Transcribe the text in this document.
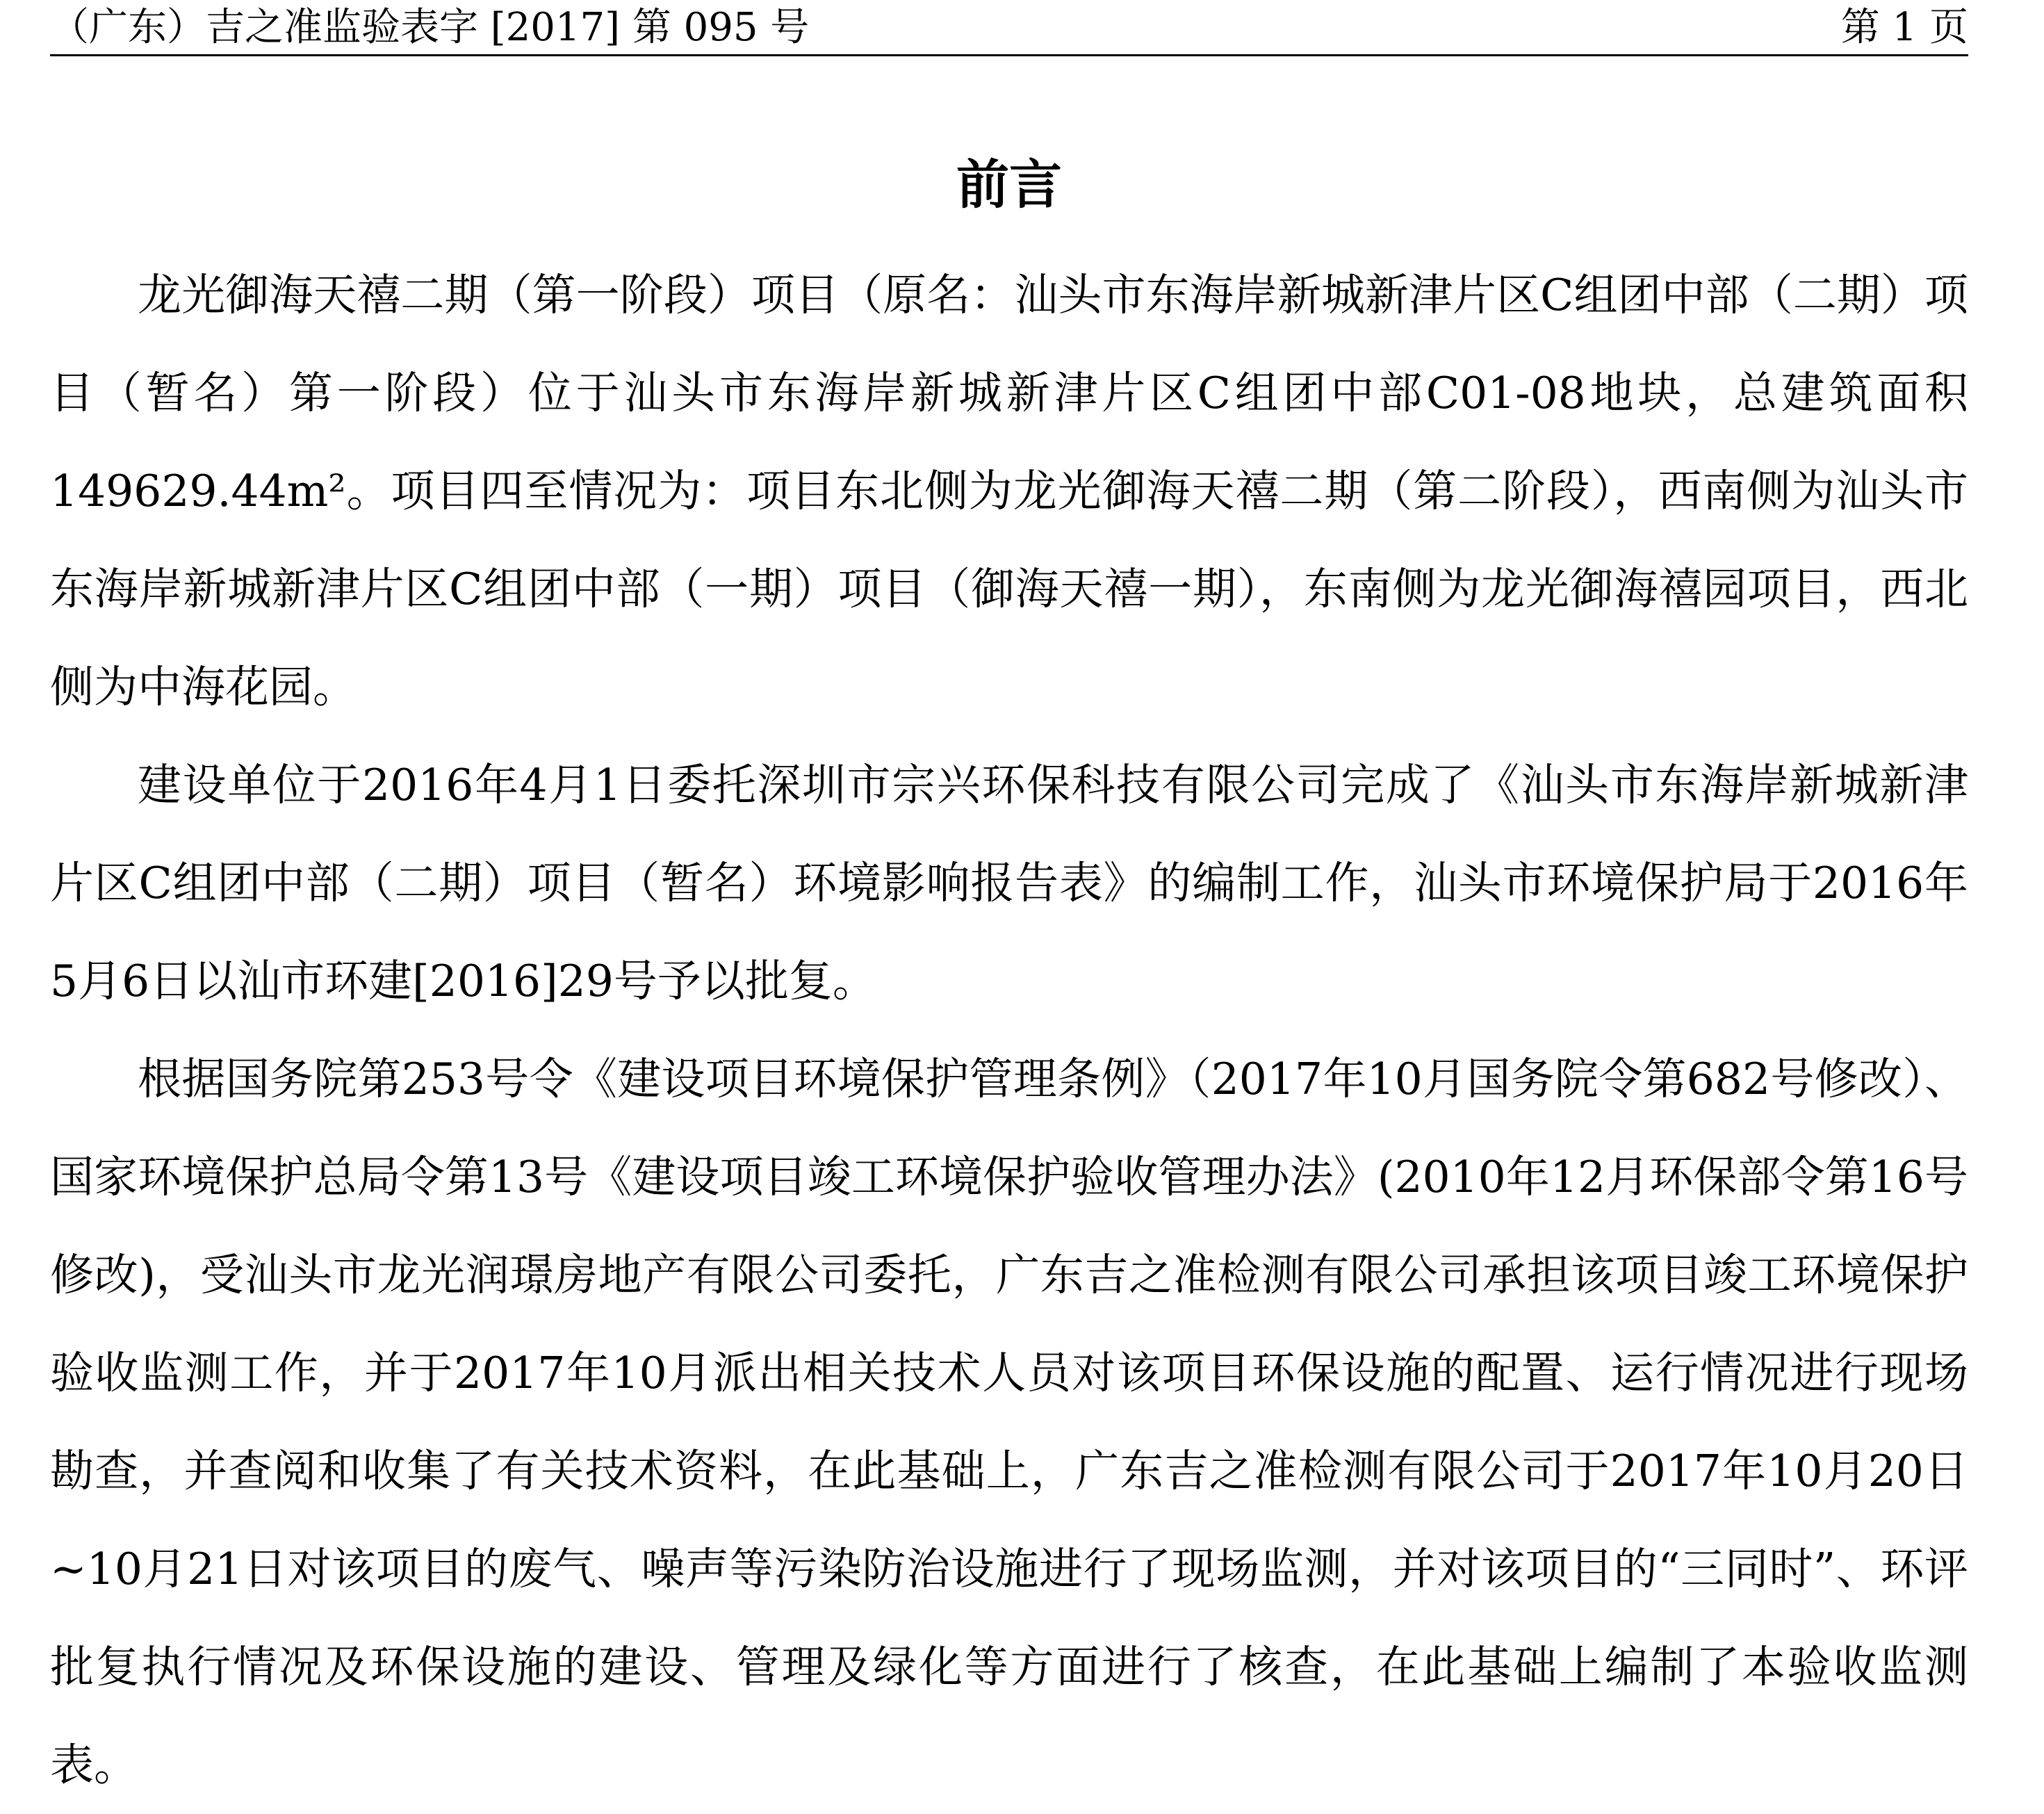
（广东）吉之准监验表字 [2017] 第 095 号	第 1 页
前言

龙光御海天禧二期（第一阶段）项目（原名：汕头市东海岸新城新津片区C组团中部（二期）项目（暂名）第一阶段）位于汕头市东海岸新城新津片区C组团中部C01-08地块，总建筑面积149629.44m²。项目四至情况为：项目东北侧为龙光御海天禧二期（第二阶段），西南侧为汕头市东海岸新城新津片区C组团中部（一期）项目（御海天禧一期），东南侧为龙光御海禧园项目，西北侧为中海花园。

建设单位于2016年4月1日委托深圳市宗兴环保科技有限公司完成了《汕头市东海岸新城新津片区C组团中部（二期）项目（暂名）环境影响报告表》的编制工作，汕头市环境保护局于2016年5月6日以汕市环建[2016]29号予以批复。

根据国务院第253号令《建设项目环境保护管理条例》（2017年10月国务院令第682号修改）、国家环境保护总局令第13号《建设项目竣工环境保护验收管理办法》(2010年12月环保部令第16号修改)，受汕头市龙光润璟房地产有限公司委托，广东吉之准检测有限公司承担该项目竣工环境保护验收监测工作，并于2017年10月派出相关技术人员对该项目环保设施的配置、运行情况进行现场勘查，并查阅和收集了有关技术资料，在此基础上，广东吉之准检测有限公司于2017年10月20日~10月21日对该项目的废气、噪声等污染防治设施进行了现场监测，并对该项目的“三同时”、环评批复执行情况及环保设施的建设、管理及绿化等方面进行了核查，在此基础上编制了本验收监测表。
